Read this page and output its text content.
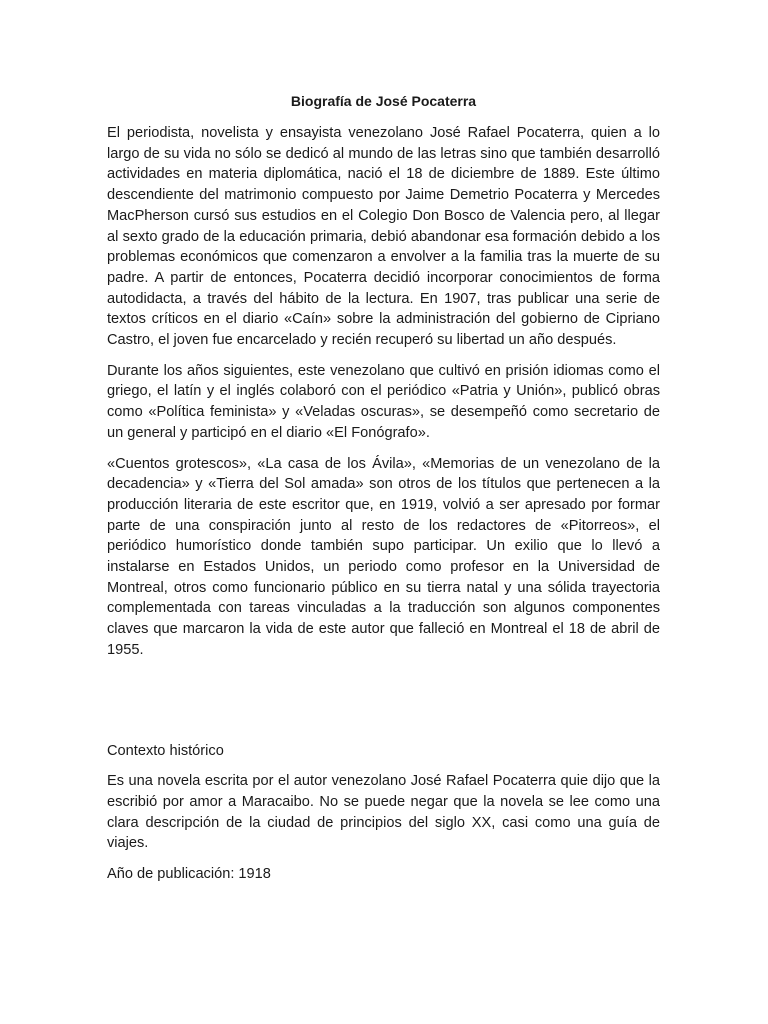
Biografía de José Pocaterra

El periodista, novelista y ensayista venezolano José Rafael Pocaterra, quien a lo largo de su vida no sólo se dedicó al mundo de las letras sino que también desarrolló actividades en materia diplomática, nació el 18 de diciembre de 1889. Este último descendiente del matrimonio compuesto por Jaime Demetrio Pocaterra y Mercedes MacPherson cursó sus estudios en el Colegio Don Bosco de Valencia pero, al llegar al sexto grado de la educación primaria, debió abandonar esa formación debido a los problemas económicos que comenzaron a envolver a la familia tras la muerte de su padre. A partir de entonces, Pocaterra decidió incorporar conocimientos de forma autodidacta, a través del hábito de la lectura. En 1907, tras publicar una serie de textos críticos en el diario «Caín» sobre la administración del gobierno de Cipriano Castro, el joven fue encarcelado y recién recuperó su libertad un año después.

Durante los años siguientes, este venezolano que cultivó en prisión idiomas como el griego, el latín y el inglés colaboró con el periódico «Patria y Unión», publicó obras como «Política feminista» y «Veladas oscuras», se desempeñó como secretario de un general y participó en el diario «El Fonógrafo».

«Cuentos grotescos», «La casa de los Ávila», «Memorias de un venezolano de la decadencia» y «Tierra del Sol amada» son otros de los títulos que pertenecen a la producción literaria de este escritor que, en 1919, volvió a ser apresado por formar parte de una conspiración junto al resto de los redactores de «Pitorreos», el periódico humorístico donde también supo participar. Un exilio que lo llevó a instalarse en Estados Unidos, un periodo como profesor en la Universidad de Montreal, otros como funcionario público en su tierra natal y una sólida trayectoria complementada con tareas vinculadas a la traducción son algunos componentes claves que marcaron la vida de este autor que falleció en Montreal el 18 de abril de 1955.

Contexto histórico

Es una novela escrita por el autor venezolano José Rafael Pocaterra quie dijo que la escribió por amor a Maracaibo. No se puede negar que la novela se lee como una clara descripción de la ciudad de principios del siglo XX, casi como una guía de viajes.

Año de publicación: 1918
